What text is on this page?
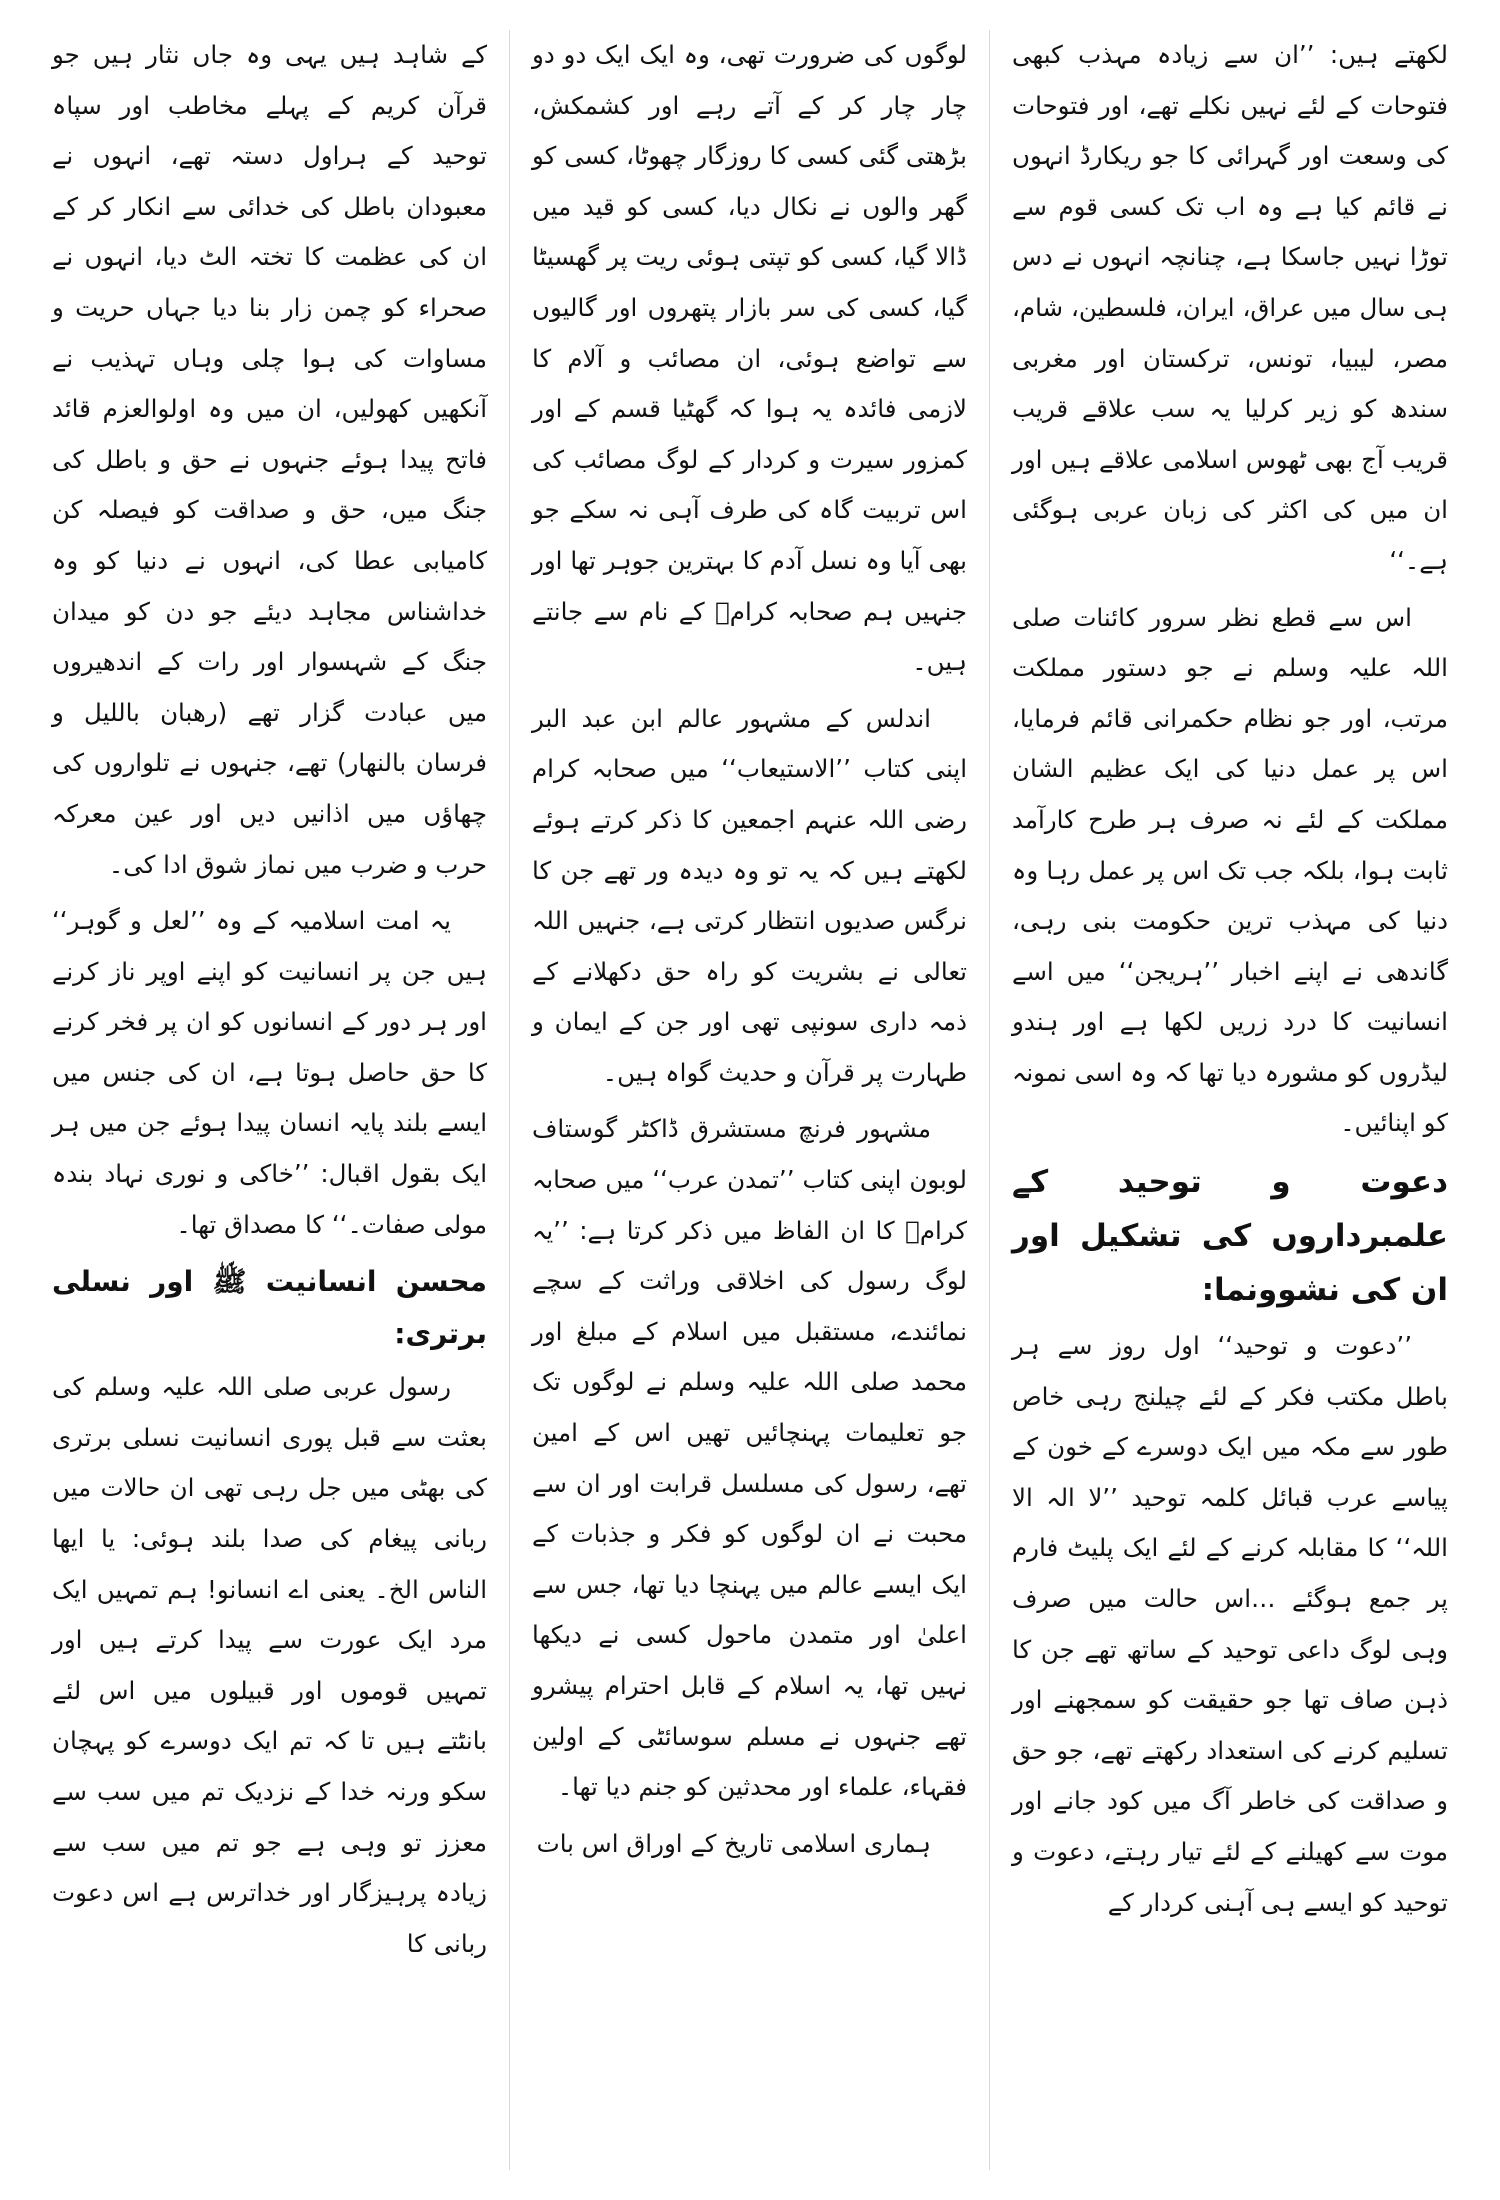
لکھتے ہیں: ’’ان سے زیادہ مہذب کبھی فتوحات کے لئے نہیں نکلے تھے، اور فتوحات کی وسعت اور گہرائی کا جو ریکارڈ انہوں نے قائم کیا ہے وہ اب تک کسی قوم سے توڑا نہیں جاسکا ہے، چنانچہ انہوں نے دس ہی سال میں عراق، ایران، فلسطین، شام، مصر، لیبیا، تونس، ترکستان اور مغربی سندھ کو زیر کرلیا یہ سب علاقے قریب قریب آج بھی ٹھوس اسلامی علاقے ہیں اور ان میں کی اکثر کی زبان عربی ہوگئی ہے۔‘‘

اس سے قطع نظر سرور کائنات صلی اللہ علیہ وسلم نے جو دستور مملکت مرتب، اور جو نظام حکمرانی قائم فرمایا، اس پر عمل دنیا کی ایک عظیم الشان مملکت کے لئے نہ صرف ہر طرح کارآمد ثابت ہوا، بلکہ جب تک اس پر عمل رہا وہ دنیا کی مہذب ترین حکومت بنی رہی، گاندھی نے اپنے اخبار ’’ہریجن‘‘ میں اسے انسانیت کا درد زریں لکھا ہے اور ہندو لیڈروں کو مشورہ دیا تھا کہ وہ اسی نمونہ کو اپنائیں۔

دعوت و توحید کے علمبرداروں کی تشکیل اور ان کی نشوونما:

’’دعوت و توحید‘‘ اول روز سے ہر باطل مکتب فکر کے لئے چیلنج رہی خاص طور سے مکہ میں ایک دوسرے کے خون کے پیاسے عرب قبائل کلمہ توحید ’’لا الہ الا اللہ‘‘ کا مقابلہ کرنے کے لئے ایک پلیٹ فارم پر جمع ہوگئے …اس حالت میں صرف وہی لوگ داعی توحید کے ساتھ تھے جن کا ذہن صاف تھا جو حقیقت کو سمجھنے اور تسلیم کرنے کی استعداد رکھتے تھے، جو حق و صداقت کی خاطر آگ میں کود جانے اور موت سے کھیلنے کے لئے تیار رہتے، دعوت و توحید کو ایسے ہی آہنی کردار کے

لوگوں کی ضرورت تھی، وہ ایک ایک دو دو چار چار کر کے آتے رہے اور کشمکش، بڑھتی گئی کسی کا روزگار چھوٹا، کسی کو گھر والوں نے نکال دیا، کسی کو قید میں ڈالا گیا، کسی کو تپتی ہوئی ریت پر گھسیٹا گیا، کسی کی سر بازار پتھروں اور گالیوں سے تواضع ہوئی، ان مصائب و آلام کا لازمی فائدہ یہ ہوا کہ گھٹیا قسم کے اور کمزور سیرت و کردار کے لوگ مصائب کی اس تربیت گاہ کی طرف آہی نہ سکے جو بھی آیا وہ نسل آدم کا بہترین جوہر تھا اور جنہیں ہم صحابہ کرامؓ کے نام سے جانتے ہیں۔

اندلس کے مشہور عالم ابن عبد البر اپنی کتاب ’’الاستیعاب‘‘ میں صحابہ کرام رضی اللہ عنہم اجمعین کا ذکر کرتے ہوئے لکھتے ہیں کہ یہ تو وہ دیدہ ور تھے جن کا نرگس صدیوں انتظار کرتی ہے، جنہیں اللہ تعالی نے بشریت کو راہ حق دکھلانے کے ذمہ داری سونپی تھی اور جن کے ایمان و طہارت پر قرآن و حدیث گواہ ہیں۔

مشہور فرنچ مستشرق ڈاکٹر گوستاف لوبون اپنی کتاب ’’تمدن عرب‘‘ میں صحابہ کرامؓ کا ان الفاظ میں ذکر کرتا ہے: ’’یہ لوگ رسول کی اخلاقی وراثت کے سچے نمائندے، مستقبل میں اسلام کے مبلغ اور محمد صلی اللہ علیہ وسلم نے لوگوں تک جو تعلیمات پہنچائیں تھیں اس کے امین تھے، رسول کی مسلسل قرابت اور ان سے محبت نے ان لوگوں کو فکر و جذبات کے ایک ایسے عالم میں پہنچا دیا تھا، جس سے اعلیٰ اور متمدن ماحول کسی نے دیکھا نہیں تھا، یہ اسلام کے قابل احترام پیشرو تھے جنہوں نے مسلم سوسائٹی کے اولین فقہاء، علماء اور محدثین کو جنم دیا تھا۔

ہماری اسلامی تاریخ کے اوراق اس بات

کے شاہد ہیں یہی وہ جاں نثار ہیں جو قرآن کریم کے پہلے مخاطب اور سپاہ توحید کے ہراول دستہ تھے، انہوں نے معبودان باطل کی خدائی سے انکار کر کے ان کی عظمت کا تختہ الٹ دیا، انہوں نے صحراء کو چمن زار بنا دیا جہاں حریت و مساوات کی ہوا چلی وہاں تہذیب نے آنکھیں کھولیں، ان میں وہ اولوالعزم قائد فاتح پیدا ہوئے جنہوں نے حق و باطل کی جنگ میں، حق و صداقت کو فیصلہ کن کامیابی عطا کی، انہوں نے دنیا کو وہ خداشناس مجاہد دیئے جو دن کو میدان جنگ کے شہسوار اور رات کے اندھیروں میں عبادت گزار تھے (رھبان باللیل و فرسان بالنھار) تھے، جنہوں نے تلواروں کی چھاؤں میں اذانیں دیں اور عین معرکہ حرب و ضرب میں نماز شوق ادا کی۔

یہ امت اسلامیہ کے وہ ’’لعل و گوہر‘‘ ہیں جن پر انسانیت کو اپنے اوپر ناز کرنے اور ہر دور کے انسانوں کو ان پر فخر کرنے کا حق حاصل ہوتا ہے، ان کی جنس میں ایسے بلند پایہ انسان پیدا ہوئے جن میں ہر ایک بقول اقبال: ’’خاکی و نوری نہاد بندہ مولی صفات۔‘‘ کا مصداق تھا۔

محسن انسانیت ﷺ اور نسلی برتری:

رسول عربی صلی اللہ علیہ وسلم کی بعثت سے قبل پوری انسانیت نسلی برتری کی بھٹی میں جل رہی تھی ان حالات میں ربانی پیغام کی صدا بلند ہوئی: یا ایھا الناس الخ۔ یعنی اے انسانو! ہم تمہیں ایک مرد ایک عورت سے پیدا کرتے ہیں اور تمہیں قوموں اور قبیلوں میں اس لئے بانٹتے ہیں تا کہ تم ایک دوسرے کو پہچان سکو ورنہ خدا کے نزدیک تم میں سب سے معزز تو وہی ہے جو تم میں سب سے زیادہ پرہیزگار اور خداترس ہے اس دعوت ربانی کا
